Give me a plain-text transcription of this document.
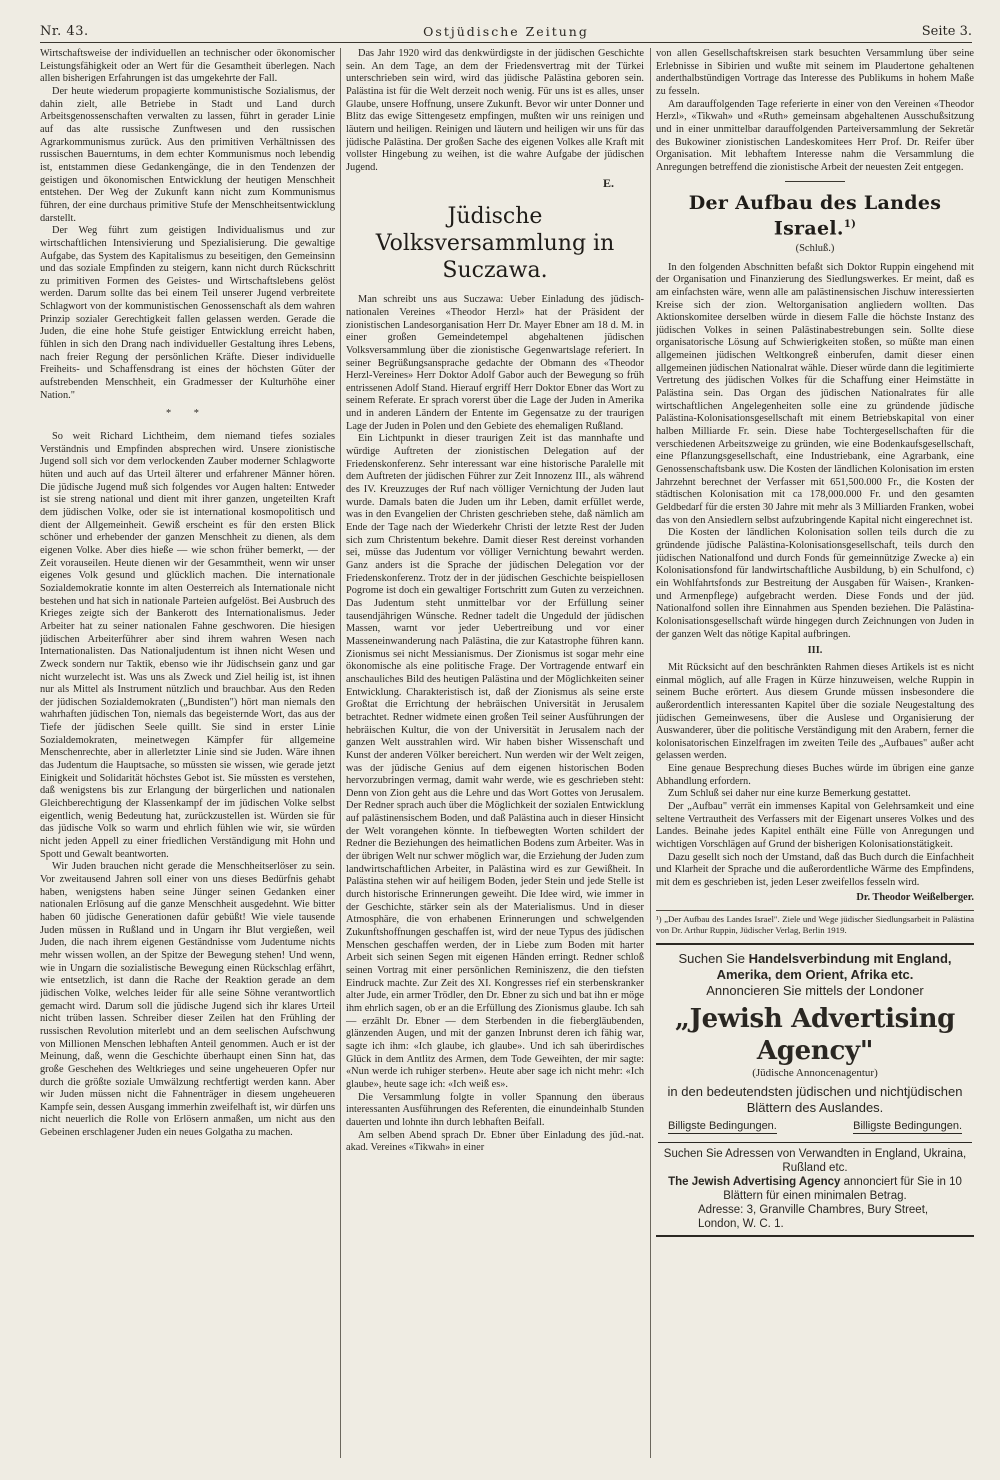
Nr. 43.	Ostjüdische Zeitung	Seite 3.

Wirtschaftsweise der individuellen an technischer oder ökonomischer Leistungsfähigkeit oder an Wert für die Gesamtheit überlegen. Nach allen bisherigen Erfahrungen ist das umgekehrte der Fall.

Der heute wiederum propagierte kommunistische Sozialismus, der dahin zielt, alle Betriebe in Stadt und Land durch Arbeitsgenossenschaften verwalten zu lassen, führt in gerader Linie auf das alte russische Zunftwesen und den russischen Agrarkommunismus zurück. Aus den primitiven Verhältnissen des russischen Bauerntums, in dem echter Kommunismus noch lebendig ist, entstammen diese Gedankengänge, die in den Tendenzen der geistigen und ökonomischen Entwicklung der heutigen Menschheit entstehen. Der Weg der Zukunft kann nicht zum Kommunismus führen, der eine durchaus primitive Stufe der Menschheitsentwicklung darstellt.

Der Weg führt zum geistigen Individualismus und zur wirtschaftlichen Intensivierung und Spezialisierung. Die gewaltige Aufgabe, das System des Kapitalismus zu beseitigen, den Gemeinsinn und das soziale Empfinden zu steigern, kann nicht durch Rückschritt zu primitiven Formen des Geistes- und Wirtschaftslebens gelöst werden. Darum sollte das bei einem Teil unserer Jugend verbreitete Schlagwort von der kommunistischen Genossenschaft als dem wahren Prinzip sozialer Gerechtigkeit fallen gelassen werden. Gerade die Juden, die eine hohe Stufe geistiger Entwicklung erreicht haben, fühlen in sich den Drang nach individueller Gestaltung ihres Lebens, nach freier Regung der persönlichen Kräfte. Dieser individuelle Freiheits- und Schaffensdrang ist eines der höchsten Güter der aufstrebenden Menschheit, ein Gradmesser der Kulturhöhe einer Nation."

* *

So weit Richard Lichtheim, dem niemand tiefes soziales Verständnis und Empfinden absprechen wird. Unsere zionistische Jugend soll sich vor dem verlockenden Zauber moderner Schlagworte hüten und auch auf das Urteil älterer und erfahrener Männer hören. Die jüdische Jugend muß sich folgendes vor Augen halten: Entweder ist sie streng national und dient mit ihrer ganzen, ungeteilten Kraft dem jüdischen Volke, oder sie ist international kosmopolitisch und dient der Allgemeinheit. Gewiß erscheint es für den ersten Blick schöner und erhebender der ganzen Menschheit zu dienen, als dem eigenen Volke. Aber dies hieße — wie schon früher bemerkt, — der Zeit vorauseilen. Heute dienen wir der Gesammtheit, wenn wir unser eigenes Volk gesund und glücklich machen. Die internationale Sozialdemokratie konnte im alten Oesterreich als Internationale nicht bestehen und hat sich in nationale Parteien aufgelöst. Bei Ausbruch des Krieges zeigte sich der Bankerott des Internationalismus. Jeder Arbeiter hat zu seiner nationalen Fahne geschworen. Die hiesigen jüdischen Arbeiterführer aber sind ihrem wahren Wesen nach Internationalisten. Das Nationaljudentum ist ihnen nicht Wesen und Zweck sondern nur Taktik, ebenso wie ihr Jüdischsein ganz und gar nicht wurzelecht ist. Was uns als Zweck und Ziel heilig ist, ist ihnen nur als Mittel als Instrument nützlich und brauchbar. Aus den Reden der jüdischen Sozialdemokraten („Bundisten") hört man niemals den wahrhaften jüdischen Ton, niemals das begeisternde Wort, das aus der Tiefe der jüdischen Seele quillt. Sie sind in erster Linie Sozialdemokraten, meinetwegen Kämpfer für allgemeine Menschenrechte, aber in allerletzter Linie sind sie Juden. Wäre ihnen das Judentum die Hauptsache, so müssten sie wissen, wie gerade jetzt Einigkeit und Solidarität höchstes Gebot ist. Sie müssten es verstehen, daß wenigstens bis zur Erlangung der bürgerlichen und nationalen Gleichberechtigung der Klassenkampf der im jüdischen Volke selbst eigentlich, wenig Bedeutung hat, zurückzustellen ist. Würden sie für das jüdische Volk so warm und ehrlich fühlen wie wir, sie würden nicht jeden Appell zu einer friedlichen Verständigung mit Hohn und Spott und Gewalt beantworten.

Wir Juden brauchen nicht gerade die Menschheitserlöser zu sein. Vor zweitausend Jahren soll einer von uns dieses Bedürfnis gehabt haben, wenigstens haben seine Jünger seinen Gedanken einer nationalen Erlösung auf die ganze Menschheit ausgedehnt. Wie bitter haben 60 jüdische Generationen dafür gebüßt! Wie viele tausende Juden müssen in Rußland und in Ungarn ihr Blut vergießen, weil Juden, die nach ihrem eigenen Geständnisse vom Judentume nichts mehr wissen wollen, an der Spitze der Bewegung stehen! Und wenn, wie in Ungarn die sozialistische Bewegung einen Rückschlag erfährt, wie entsetzlich, ist dann die Rache der Reaktion gerade an dem jüdischen Volke, welches leider für alle seine Söhne verantwortlich gemacht wird. Darum soll die jüdische Jugend sich ihr klares Urteil nicht trüben lassen. Schreiber dieser Zeilen hat den Frühling der russischen Revolution miterlebt und an dem seelischen Aufschwung von Millionen Menschen lebhaften Anteil genommen. Auch er ist der Meinung, daß, wenn die Geschichte überhaupt einen Sinn hat, das große Geschehen des Weltkrieges und seine ungeheueren Opfer nur durch die größte soziale Umwälzung rechtfertigt werden kann. Aber wir Juden müssen nicht die Fahnenträger in diesem ungeheueren Kampfe sein, dessen Ausgang immerhin zweifelhaft ist, wir dürfen uns nicht neuerlich die Rolle von Erlösern anmaßen, um nicht aus den Gebeinen erschlagener Juden ein neues Golgatha zu machen.

Das Jahr 1920 wird das denkwürdigste in der jüdischen Geschichte sein. An dem Tage, an dem der Friedensvertrag mit der Türkei unterschrieben sein wird, wird das jüdische Palästina geboren sein. Palästina ist für die Welt derzeit noch wenig. Für uns ist es alles, unser Glaube, unsere Hoffnung, unsere Zukunft. Bevor wir unter Donner und Blitz das ewige Sittengesetz empfingen, mußten wir uns reinigen und läutern und heiligen. Reinigen und läutern und heiligen wir uns für das jüdische Palästina. Der großen Sache des eigenen Volkes alle Kraft mit vollster Hingebung zu weihen, ist die wahre Aufgabe der jüdischen Jugend.

E.
Jüdische Volksversammlung in Suczawa.

Man schreibt uns aus Suczawa: Ueber Einladung des jüdisch-nationalen Vereines «Theodor Herzl» hat der Präsident der zionistischen Landesorganisation Herr Dr. Mayer Ebner am 18 d. M. in einer großen Gemeindetempel abgehaltenen jüdischen Volksversammlung über die zionistische Gegenwartslage referiert. In seiner Begrüßungsansprache gedachte der Obmann des «Theodor Herzl-Vereines» Herr Doktor Adolf Gabor auch der Bewegung so früh entrissenen Adolf Stand. Hierauf ergriff Herr Doktor Ebner das Wort zu seinem Referate. Er sprach vorerst über die Lage der Juden in Amerika und in anderen Ländern der Entente im Gegensatze zu der traurigen Lage der Juden in Polen und den Gebiete des ehemaligen Rußland.

Ein Lichtpunkt in dieser traurigen Zeit ist das mannhafte und würdige Auftreten der zionistischen Delegation auf der Friedenskonferenz. Sehr interessant war eine historische Paralelle mit dem Auftreten der jüdischen Führer zur Zeit Innozenz III., als während des IV. Kreuzzuges der Ruf nach völliger Vernichtung der Juden laut wurde. Damals baten die Juden um ihr Leben, damit erfüllet werde, was in den Evangelien der Christen geschrieben stehe, daß nämlich am Ende der Tage nach der Wiederkehr Christi der letzte Rest der Juden sich zum Christentum bekehre. Damit dieser Rest dereinst vorhanden sei, müsse das Judentum vor völliger Vernichtung bewahrt werden. Ganz anders ist die Sprache der jüdischen Delegation vor der Friedenskonferenz. Trotz der in der jüdischen Geschichte beispiellosen Pogrome ist doch ein gewaltiger Fortschritt zum Guten zu verzeichnen. Das Judentum steht unmittelbar vor der Erfüllung seiner tausendjährigen Wünsche. Redner tadelt die Ungeduld der jüdischen Massen, warnt vor jeder Uebertreibung und vor einer Masseneinwanderung nach Palästina, die zur Katastrophe führen kann. Zionismus sei nicht Messianismus. Der Zionismus ist sogar mehr eine ökonomische als eine politische Frage. Der Vortragende entwarf ein anschauliches Bild des heutigen Palästina und der Möglichkeiten seiner Entwicklung. Charakteristisch ist, daß der Zionismus als seine erste Großtat die Errichtung der hebräischen Universität in Jerusalem betrachtet. Redner widmete einen großen Teil seiner Ausführungen der hebräischen Kultur, die von der Universität in Jerusalem nach der ganzen Welt ausstrahlen wird. Wir haben bisher Wissenschaft und Kunst der anderen Völker bereichert. Nun werden wir der Welt zeigen, was der jüdische Genius auf dem eigenen historischen Boden hervorzubringen vermag, damit wahr werde, wie es geschrieben steht: Denn von Zion geht aus die Lehre und das Wort Gottes von Jerusalem. Der Redner sprach auch über die Möglichkeit der sozialen Entwicklung auf palästinensischem Boden, und daß Palästina auch in dieser Hinsicht der Welt vorangehen könnte. In tiefbewegten Worten schildert der Redner die Beziehungen des heimatlichen Bodens zum Arbeiter. Was in der übrigen Welt nur schwer möglich war, die Erziehung der Juden zum landwirtschaftlichen Arbeiter, in Palästina wird es zur Gewißheit. In Palästina stehen wir auf heiligem Boden, jeder Stein und jede Stelle ist durch historische Erinnerungen geweiht. Die Idee wird, wie immer in der Geschichte, stärker sein als der Materialismus. Und in dieser Atmosphäre, die von erhabenen Erinnerungen und schwelgenden Zukunftshoffnungen geschaffen ist, wird der neue Typus des jüdischen Menschen geschaffen werden, der in Liebe zum Boden mit harter Arbeit sich seinen Segen mit eigenen Händen erringt. Redner schloß seinen Vortrag mit einer persönlichen Reminiszenz, die den tiefsten Eindruck machte. Zur Zeit des XI. Kongresses rief ein sterbenskranker alter Jude, ein armer Trödler, den Dr. Ebner zu sich und bat ihn er möge ihm ehrlich sagen, ob er an die Erfüllung des Zionismus glaube. Ich sah — erzählt Dr. Ebner — dem Sterbenden in die fiebergläubenden, glänzenden Augen, und mit der ganzen Inbrunst deren ich fähig war, sagte ich ihm: «Ich glaube, ich glaube». Und ich sah überirdisches Glück in dem Antlitz des Armen, dem Tode Geweihten, der mir sagte: «Nun werde ich ruhiger sterben». Heute aber sage ich nicht mehr: «Ich glaube», heute sage ich: «Ich weiß es».

Die Versammlung folgte in voller Spannung den überaus interessanten Ausführungen des Referenten, die einundeinhalb Stunden dauerten und lohnte ihn durch lebhaften Beifall.

Am selben Abend sprach Dr. Ebner über Einladung des jüd.-nat. akad. Vereines «Tikwah» in einer

von allen Gesellschaftskreisen stark besuchten Versammlung über seine Erlebnisse in Sibirien und wußte mit seinem im Plaudertone gehaltenen anderthalbstündigen Vortrage das Interesse des Publikums in hohem Maße zu fesseln.

Am darauffolgenden Tage referierte in einer von den Vereinen «Theodor Herzl», «Tikwah» und «Ruth» gemeinsam abgehaltenen Ausschußsitzung und in einer unmittelbar darauffolgenden Parteiversammlung der Sekretär des Bukowiner zionistischen Landeskomitees Herr Prof. Dr. Reifer über Organisation. Mit lebhaftem Interesse nahm die Versammlung die Anregungen betreffend die zionistische Arbeit der neuesten Zeit entgegen.

Der Aufbau des Landes Israel.$^{1)}$
(Schluß.)

In den folgenden Abschnitten befaßt sich Doktor Ruppin eingehend mit der Organisation und Finanzierung des Siedlungswerkes. Er meint, daß es am einfachsten wäre, wenn alle am palästinensischen Jischuw interessierten Kreise sich der zion. Weltorganisation angliedern wollten. Das Aktionskomitee derselben würde in diesem Falle die höchste Instanz des jüdischen Volkes in seinen Palästinabestrebungen sein. Sollte diese organisatorische Lösung auf Schwierigkeiten stoßen, so müßte man einen allgemeinen jüdischen Weltkongreß einberufen, damit dieser einen allgemeinen jüdischen Nationalrat wähle. Dieser würde dann die legitimierte Vertretung des jüdischen Volkes für die Schaffung einer Heimstätte in Palästina sein. Das Organ des jüdischen Nationalrates für alle wirtschaftlichen Angelegenheiten solle eine zu gründende jüdische Palästina-Kolonisationsgesellschaft mit einem Betriebskapital von einer halben Milliarde Fr. sein. Diese habe Tochtergesellschaften für die verschiedenen Arbeitszweige zu gründen, wie eine Bodenkaufsgesellschaft, eine Pflanzungsgesellschaft, eine Industriebank, eine Agrarbank, eine Genossenschaftsbank usw. Die Kosten der ländlichen Kolonisation im ersten Jahrzehnt berechnet der Verfasser mit 651,500.000 Fr., die Kosten der städtischen Kolonisation mit ca 178,000.000 Fr. und den gesamten Geldbedarf für die ersten 30 Jahre mit mehr als 3 Milliarden Franken, wobei das von den Ansiedlern selbst aufzubringende Kapital nicht eingerechnet ist.

Die Kosten der ländlichen Kolonisation sollen teils durch die zu gründende jüdische Palästina-Kolonisationsgesellschaft, teils durch den jüdischen Nationalfond und durch Fonds für gemeinnützige Zwecke a) ein Kolonisationsfond für landwirtschaftliche Ausbildung, b) ein Schulfond, c) ein Wohlfahrtsfonds zur Bestreitung der Ausgaben für Waisen-, Kranken- und Armenpflege) aufgebracht werden. Diese Fonds und der jüd. Nationalfond sollen ihre Einnahmen aus Spenden beziehen. Die Palästina-Kolonisationsgesellschaft würde hingegen durch Zeichnungen von Juden in der ganzen Welt das nötige Kapital aufbringen.

III.

Mit Rücksicht auf den beschränkten Rahmen dieses Artikels ist es nicht einmal möglich, auf alle Fragen in Kürze hinzuweisen, welche Ruppin in seinem Buche erörtert. Aus diesem Grunde müssen insbesondere die außerordentlich interessanten Kapitel über die soziale Neugestaltung des jüdischen Gemeinwesens, über die Auslese und Organisierung der Auswanderer, über die politische Verständigung mit den Arabern, ferner die kolonisatorischen Einzelfragen im zweiten Teile des „Aufbaues" außer acht gelassen werden.

Eine genaue Besprechung dieses Buches würde im übrigen eine ganze Abhandlung erfordern.

Zum Schluß sei daher nur eine kurze Bemerkung gestattet.

Der „Aufbau" verrät ein immenses Kapital von Gelehrsamkeit und eine seltene Vertrautheit des Verfassers mit der Eigenart unseres Volkes und des Landes. Beinahe jedes Kapitel enthält eine Fülle von Anregungen und wichtigen Vorschlägen auf Grund der bisherigen Kolonisationstätigkeit.

Dazu gesellt sich noch der Umstand, daß das Buch durch die Einfachheit und Klarheit der Sprache und die außerordentliche Wärme des Empfindens, mit dem es geschrieben ist, jeden Leser zweifellos fesseln wird.

Dr. Theodor Weißelberger.
¹) „Der Aufbau des Landes Israel". Ziele und Wege jüdischer Siedlungsarbeit in Palästina von Dr. Arthur Ruppin, Jüdischer Verlag, Berlin 1919.
Suchen Sie Handelsverbindung mit England, Amerika, dem Orient, Afrika etc.
Annoncieren Sie mittels der Londoner
„Jewish Advertising Agency"
(Jüdische Annoncenagentur)
in den bedeutendsten jüdischen und nichtjüdischen Blättern des Auslandes.
Billigste Bedingungen.	Billigste Bedingungen.
Suchen Sie Adressen von Verwandten in England, Ukraina, Rußland etc.
The Jewish Advertising Agency annonciert für Sie in 10 Blättern für einen minimalen Betrag.
Adresse: 3, Granville Chambres, Bury Street, London, W. C. 1.
